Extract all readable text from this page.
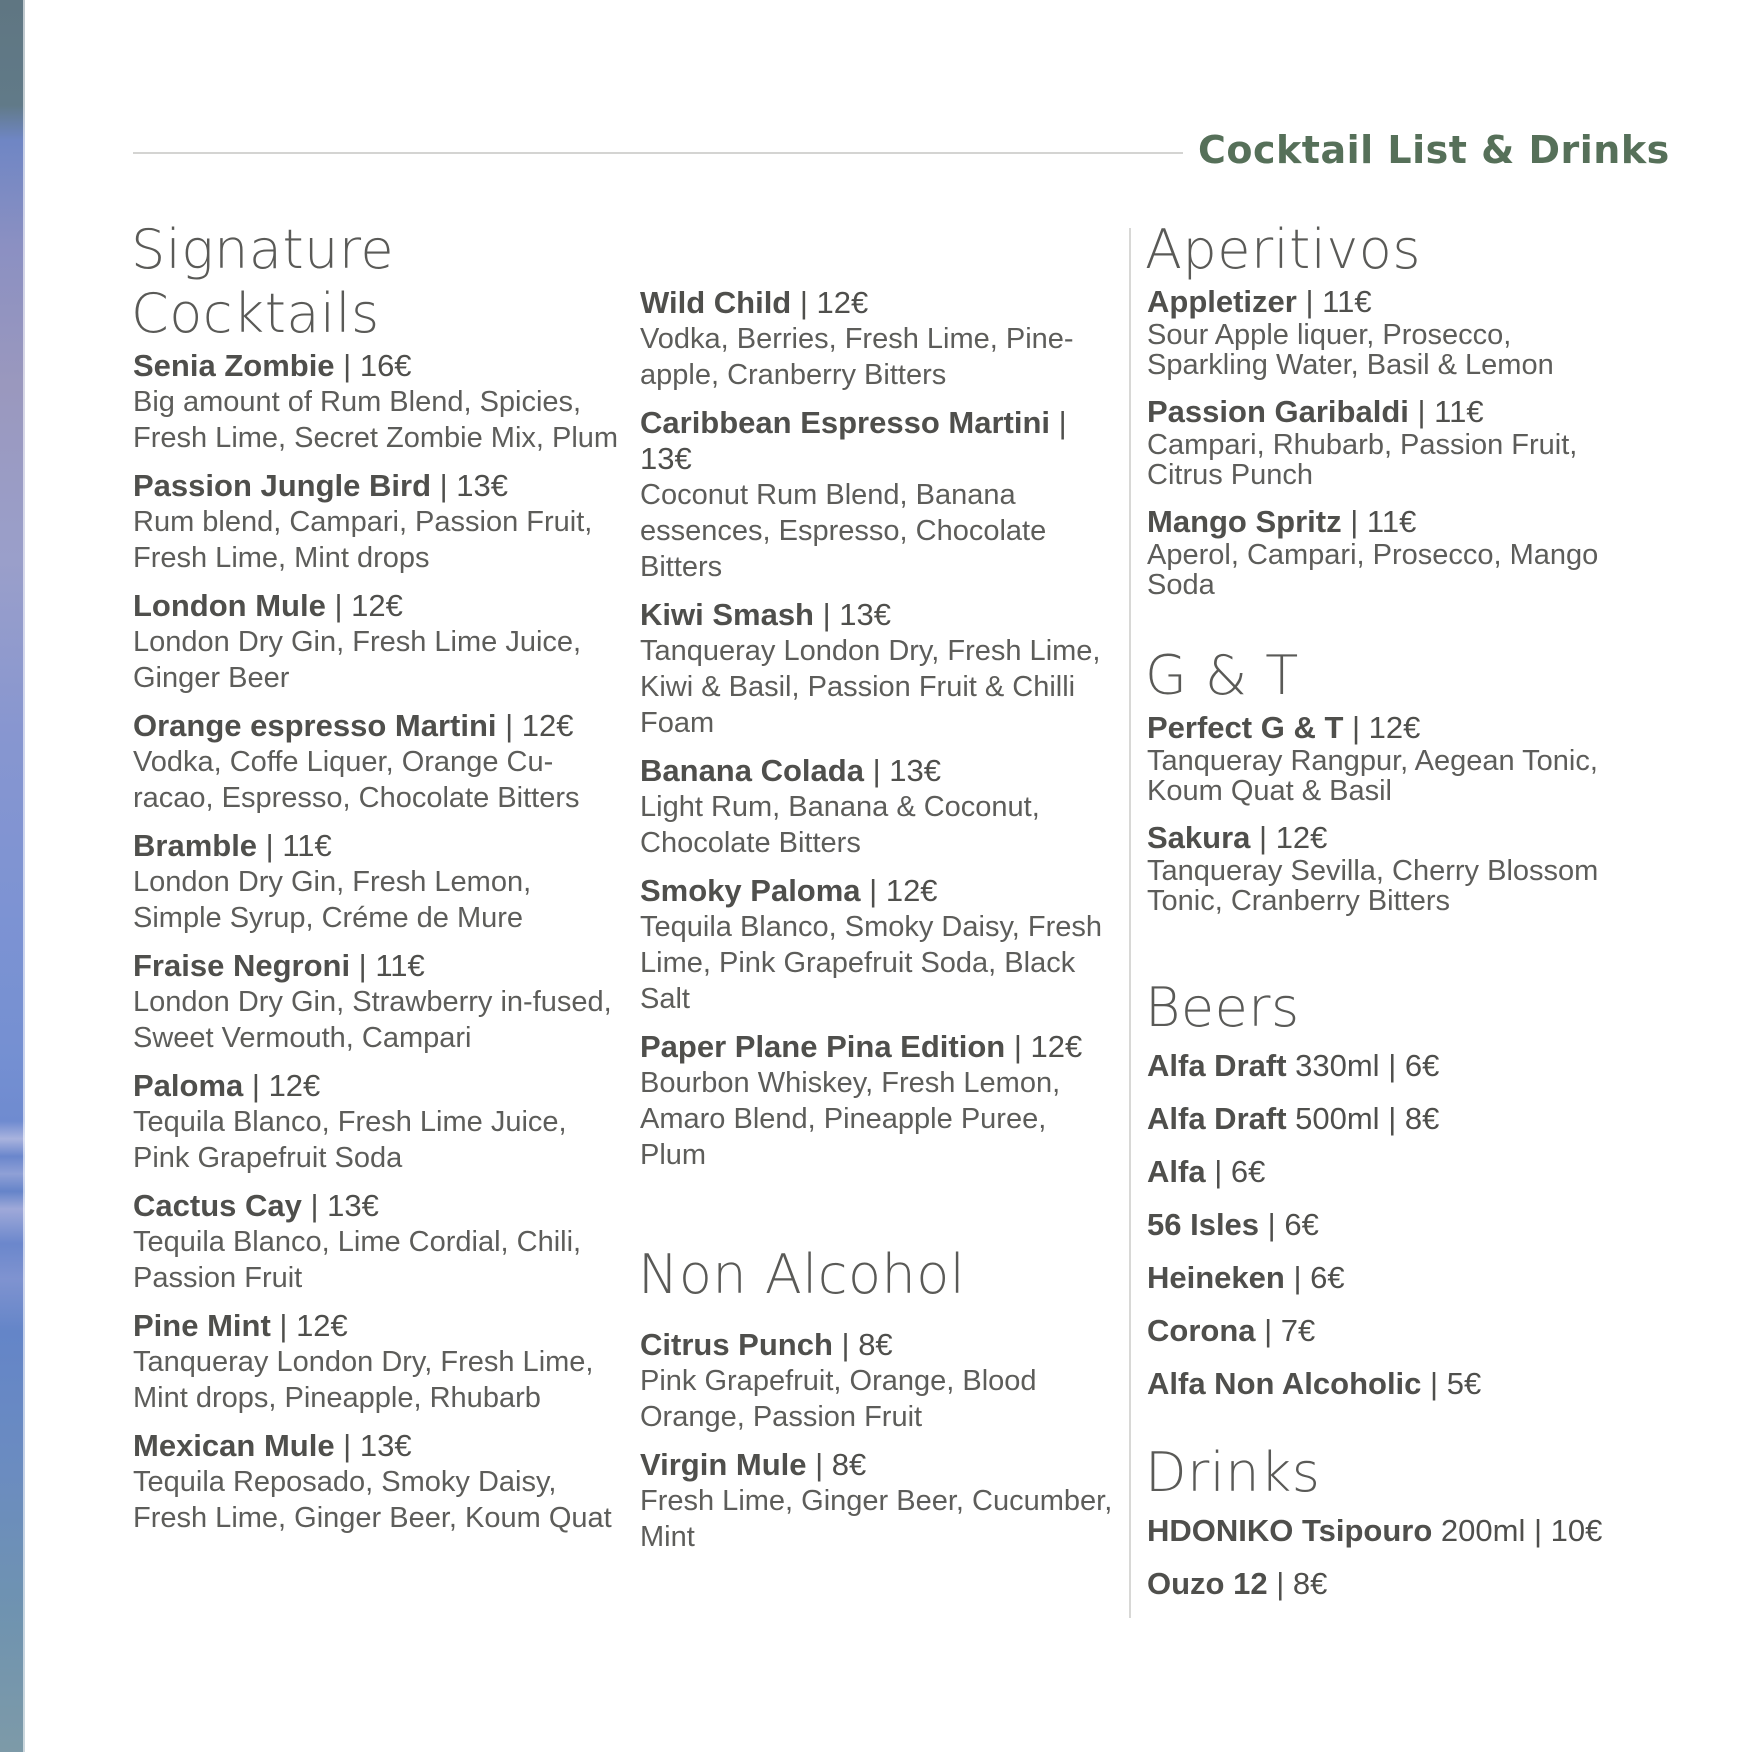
Cocktail List & Drinks
Signature Cocktails
Senia Zombie | 16€
Big amount of Rum Blend, Spicies, Fresh Lime, Secret Zombie Mix, Plum
Passion Jungle Bird | 13€
Rum blend, Campari, Passion Fruit, Fresh Lime, Mint drops
London Mule | 12€
London Dry Gin, Fresh Lime Juice, Ginger Beer
Orange espresso Martini | 12€
Vodka, Coffe Liquer, Orange Cu-racao, Espresso, Chocolate Bitters
Bramble | 11€
London Dry Gin, Fresh Lemon, Simple Syrup, Créme de Mure
Fraise Negroni | 11€
London Dry Gin, Strawberry in-fused, Sweet Vermouth, Campari
Paloma | 12€
Tequila Blanco, Fresh Lime Juice, Pink Grapefruit Soda
Cactus Cay | 13€
Tequila Blanco, Lime Cordial, Chili, Passion Fruit
Pine Mint | 12€
Tanqueray London Dry, Fresh Lime, Mint drops, Pineapple, Rhubarb
Mexican Mule | 13€
Tequila Reposado, Smoky Daisy, Fresh Lime, Ginger Beer, Koum Quat
Wild Child | 12€
Vodka, Berries, Fresh Lime, Pine-apple, Cranberry Bitters
Caribbean Espresso Martini | 13€
Coconut Rum Blend, Banana essences, Espresso, Chocolate Bitters
Kiwi Smash | 13€
Tanqueray London Dry, Fresh Lime, Kiwi & Basil, Passion Fruit & Chilli Foam
Banana Colada | 13€
Light Rum, Banana & Coconut, Chocolate Bitters
Smoky Paloma | 12€
Tequila Blanco, Smoky Daisy, Fresh Lime, Pink Grapefruit Soda, Black Salt
Paper Plane Pina Edition | 12€
Bourbon Whiskey, Fresh Lemon, Amaro Blend, Pineapple Puree, Plum
Non Alcohol
Citrus Punch | 8€
Pink Grapefruit, Orange, Blood Orange, Passion Fruit
Virgin Mule | 8€
Fresh Lime, Ginger Beer, Cucumber, Mint
Aperitivos
Appletizer | 11€
Sour Apple liquer, Prosecco, Sparkling Water, Basil & Lemon
Passion Garibaldi | 11€
Campari, Rhubarb, Passion Fruit, Citrus Punch
Mango Spritz | 11€
Aperol, Campari, Prosecco, Mango Soda
G & T
Perfect G & T | 12€
Tanqueray Rangpur, Aegean Tonic, Koum Quat & Basil
Sakura | 12€
Tanqueray Sevilla, Cherry Blossom Tonic, Cranberry Bitters
Beers
Alfa Draft 330ml | 6€
Alfa Draft 500ml | 8€
Alfa | 6€
56 Isles | 6€
Heineken | 6€
Corona | 7€
Alfa Non Alcoholic | 5€
Drinks
HDONIKO Tsipouro 200ml | 10€
Ouzo 12 | 8€
